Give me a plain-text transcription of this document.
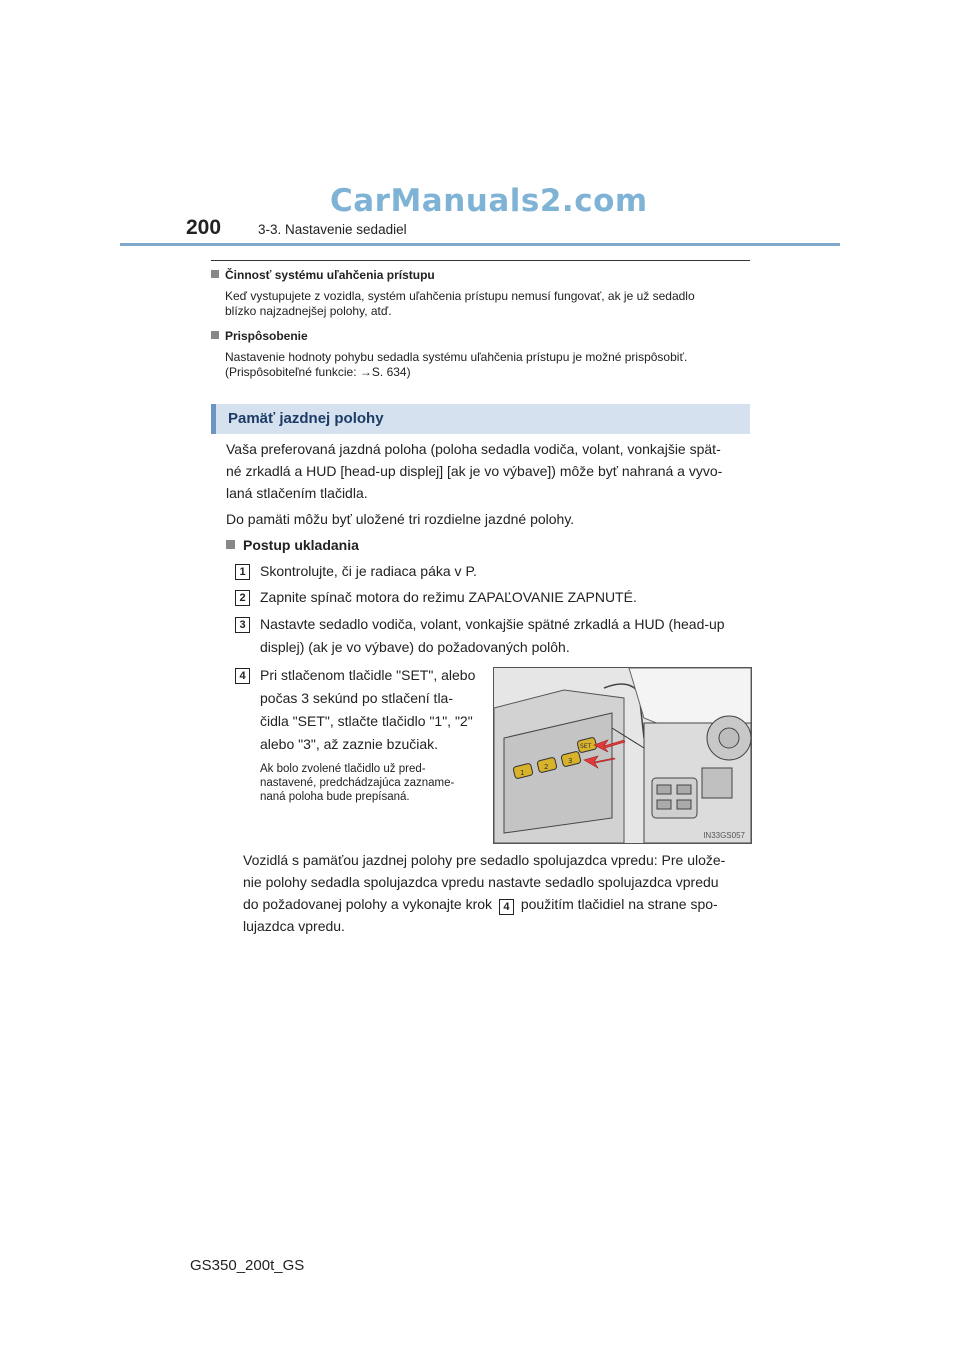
CarManuals2.com
200	3-3. Nastavenie sedadiel
Činnosť systému uľahčenia prístupu
Keď vystupujete z vozidla, systém uľahčenia prístupu nemusí fungovať, ak je už sedadlo
blízko najzadnejšej polohy, atď.
Prispôsobenie
Nastavenie hodnoty pohybu sedadla systému uľahčenia prístupu je možné prispôsobiť.
(Prispôsobiteľné funkcie: →S. 634)
Pamäť jazdnej polohy
Vaša preferovaná jazdná poloha (poloha sedadla vodiča, volant, vonkajšie spät-
né zrkadlá a HUD [head-up displej] [ak je vo výbave]) môže byť nahraná a vyvo-
laná stlačením tlačidla.
Do pamäti môžu byť uložené tri rozdielne jazdné polohy.
Postup ukladania
1	Skontrolujte, či je radiaca páka v P.
2	Zapnite spínač motora do režimu ZAPAĽOVANIE ZAPNUTÉ.
3	Nastavte sedadlo vodiča, volant, vonkajšie spätné zrkadlá a HUD (head-up
displej) (ak je vo výbave) do požadovaných polôh.
4	Pri stlačenom tlačidle "SET", alebo
počas 3 sekúnd po stlačení tla-
čidla "SET", stlačte tlačidlo "1", "2"
alebo "3", až zaznie bzučiak.
Ak bolo zvolené tlačidlo už pred-
nastavené, predchádzajúca zazname-
naná poloha bude prepísaná.
1
2
3
SET
IN33GS057
Vozidlá s pamäťou jazdnej polohy pre sedadlo spolujazdca vpredu: Pre ulože-
nie polohy sedadla spolujazdca vpredu nastavte sedadlo spolujazdca vpredu
do požadovanej polohy a vykonajte krok 4 použitím tlačidiel na strane spo-
lujazdca vpredu.
GS350_200t_GS
